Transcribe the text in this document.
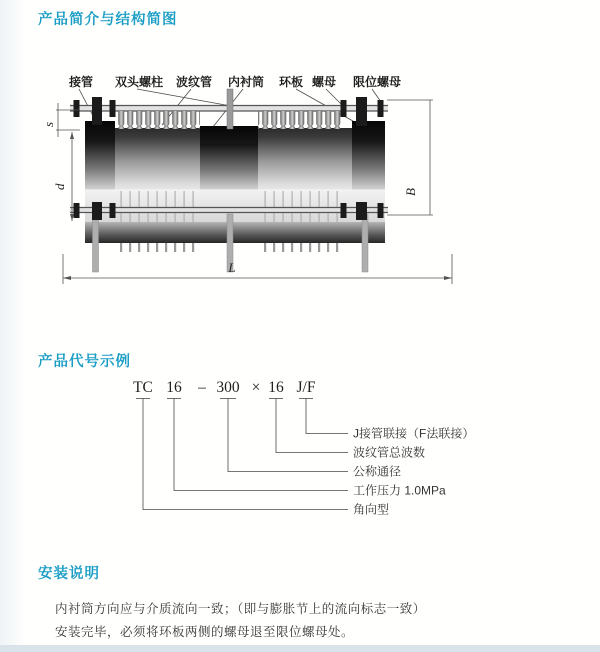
产品简介与结构简图
接管 双头螺柱 波纹管 内衬筒 环板 螺母 限位螺母
s
d
B
L
产品代号示例
TC 16 – 300 × 16 J/F
J接管联接（F法联接）
波纹管总波数
公称通径
工作压力 1.0MPa
角向型
安装说明
内衬筒方向应与介质流向一致；（即与膨胀节上的流向标志一致）
安装完毕，必须将环板两侧的螺母退至限位螺母处。
